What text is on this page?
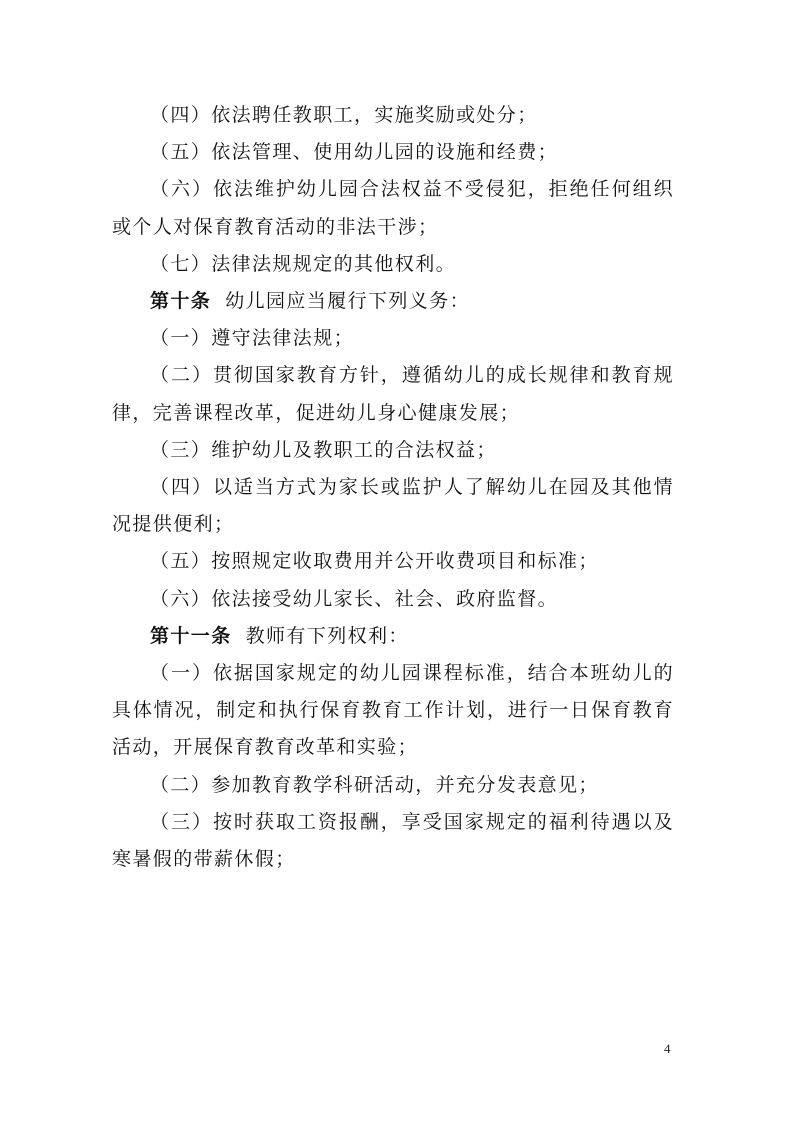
（四）依法聘任教职工，实施奖励或处分；

（五）依法管理、使用幼儿园的设施和经费；

（六）依法维护幼儿园合法权益不受侵犯，拒绝任何组织或个人对保育教育活动的非法干涉；

（七）法律法规规定的其他权利。

第十条 幼儿园应当履行下列义务：

（一）遵守法律法规；

（二）贯彻国家教育方针，遵循幼儿的成长规律和教育规律，完善课程改革，促进幼儿身心健康发展；

（三）维护幼儿及教职工的合法权益；

（四）以适当方式为家长或监护人了解幼儿在园及其他情况提供便利；

（五）按照规定收取费用并公开收费项目和标准；

（六）依法接受幼儿家长、社会、政府监督。

第十一条 教师有下列权利：

（一）依据国家规定的幼儿园课程标准，结合本班幼儿的具体情况，制定和执行保育教育工作计划，进行一日保育教育活动，开展保育教育改革和实验；

（二）参加教育教学科研活动，并充分发表意见；

（三）按时获取工资报酬，享受国家规定的福利待遇以及寒暑假的带薪休假；

4
